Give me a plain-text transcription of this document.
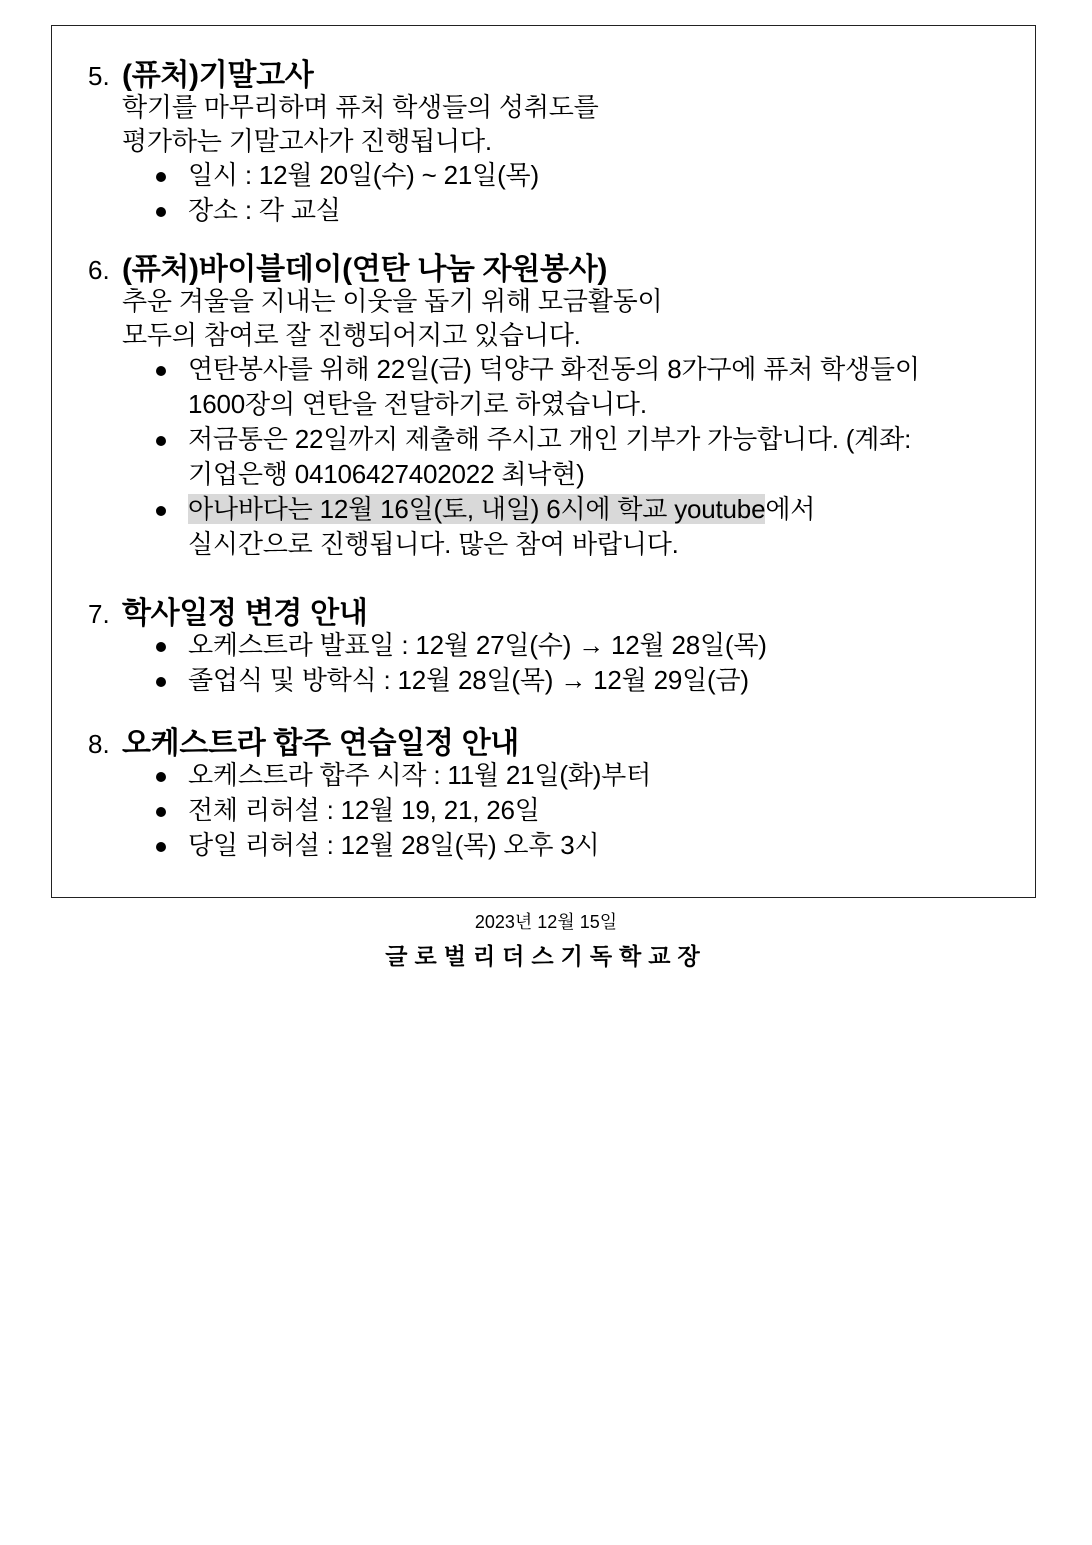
5. (퓨처)기말고사
학기를 마무리하며 퓨처 학생들의 성취도를
평가하는 기말고사가 진행됩니다.
일시 : 12월 20일(수) ~ 21일(목)
장소 : 각 교실
6. (퓨처)바이블데이(연탄 나눔 자원봉사)
추운 겨울을 지내는 이웃을 돕기 위해 모금활동이
모두의 참여로 잘 진행되어지고 있습니다.
연탄봉사를 위해 22일(금) 덕양구 화전동의 8가구에 퓨처 학생들이
1600장의 연탄을 전달하기로 하였습니다.
저금통은 22일까지 제출해 주시고 개인 기부가 가능합니다. (계좌:
기업은행 04106427402022 최낙현)
아나바다는 12월 16일(토, 내일) 6시에 학교 youtube에서
실시간으로 진행됩니다. 많은 참여 바랍니다.
7. 학사일정 변경 안내
오케스트라 발표일 : 12월 27일(수) → 12월 28일(목)
졸업식 및 방학식 : 12월 28일(목) → 12월 29일(금)
8. 오케스트라 합주 연습일정 안내
오케스트라 합주 시작 : 11월 21일(화)부터
전체 리허설 : 12월 19, 21, 26일
당일 리허설 : 12월 28일(목) 오후 3시
2023년 12월 15일
글로벌리더스기독학교장
